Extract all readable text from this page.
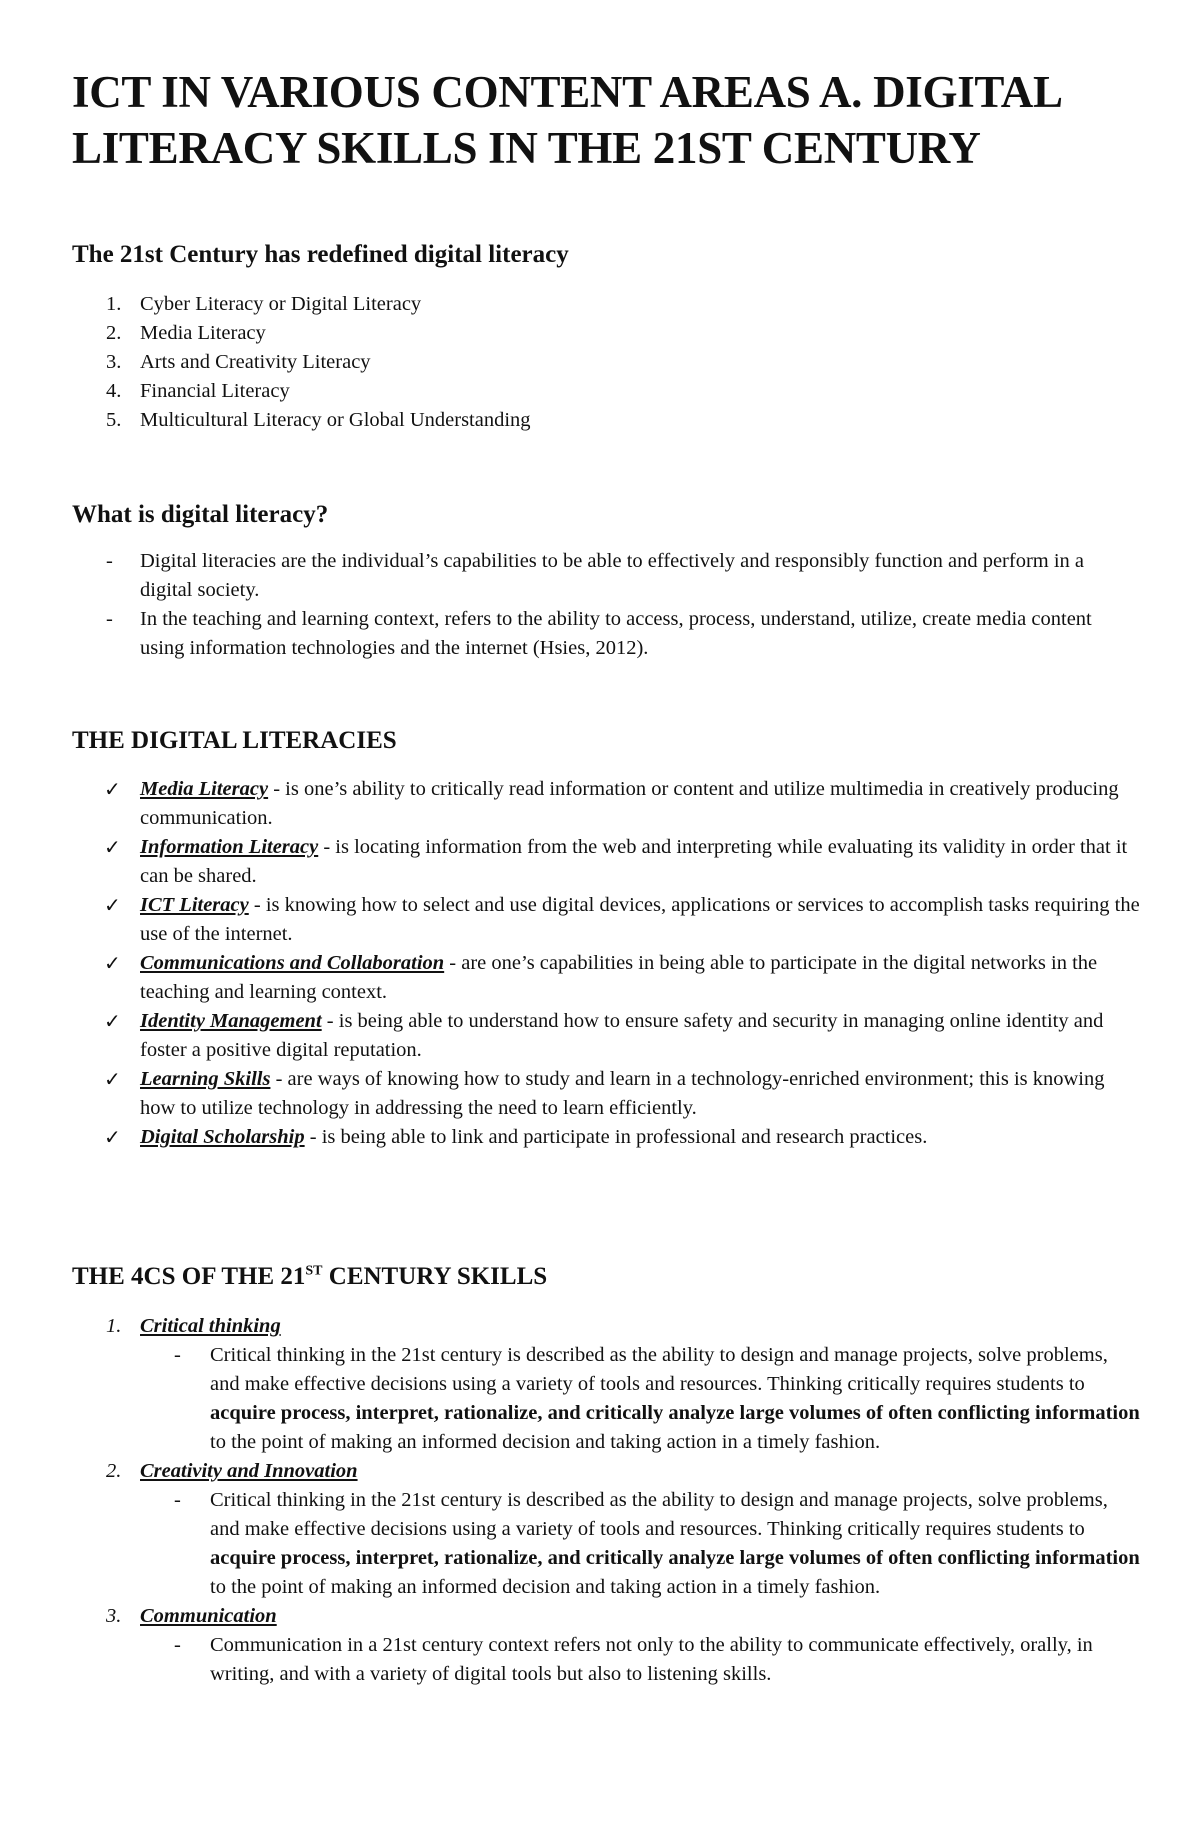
ICT IN VARIOUS CONTENT AREAS A. DIGITAL LITERACY SKILLS IN THE 21ST CENTURY
The 21st Century has redefined digital literacy
1. Cyber Literacy or Digital Literacy
2. Media Literacy
3. Arts and Creativity Literacy
4. Financial Literacy
5. Multicultural Literacy or Global Understanding
What is digital literacy?
-	Digital literacies are the individual’s capabilities to be able to effectively and responsibly function and perform in a digital society.
-	In the teaching and learning context, refers to the ability to access, process, understand, utilize, create media content using information technologies and the internet (Hsies, 2012).
THE DIGITAL LITERACIES
✓ Media Literacy - is one’s ability to critically read information or content and utilize multimedia in creatively producing communication.
✓ Information Literacy - is locating information from the web and interpreting while evaluating its validity in order that it can be shared.
✓ ICT Literacy - is knowing how to select and use digital devices, applications or services to accomplish tasks requiring the use of the internet.
✓ Communications and Collaboration - are one’s capabilities in being able to participate in the digital networks in the teaching and learning context.
✓ Identity Management - is being able to understand how to ensure safety and security in managing online identity and foster a positive digital reputation.
✓ Learning Skills - are ways of knowing how to study and learn in a technology-enriched environment; this is knowing how to utilize technology in addressing the need to learn efficiently.
✓ Digital Scholarship - is being able to link and participate in professional and research practices.
THE 4CS OF THE 21ST CENTURY SKILLS
1. Critical thinking
- Critical thinking in the 21st century is described as the ability to design and manage projects, solve problems, and make effective decisions using a variety of tools and resources. Thinking critically requires students to acquire process, interpret, rationalize, and critically analyze large volumes of often conflicting information to the point of making an informed decision and taking action in a timely fashion.
2. Creativity and Innovation
- Critical thinking in the 21st century is described as the ability to design and manage projects, solve problems, and make effective decisions using a variety of tools and resources. Thinking critically requires students to acquire process, interpret, rationalize, and critically analyze large volumes of often conflicting information to the point of making an informed decision and taking action in a timely fashion.
3. Communication
- Communication in a 21st century context refers not only to the ability to communicate effectively, orally, in writing, and with a variety of digital tools but also to listening skills.
